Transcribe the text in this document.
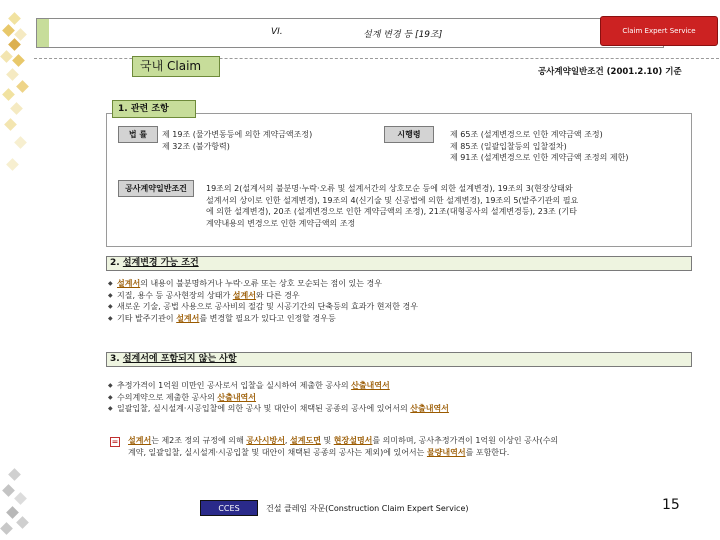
VI.	설계 변경 등 [19조]	Claim Expert Service
국내 Claim	공사계약일반조건 (2001.2.10) 기준
1. 관련 조항
법 률	제 19조 (물가변동등에 의한 계약금액조정)
제 32조 (불가항력)
시행령	제 65조 (설계변경으로 인한 계약금액 조정)
제 85조 (일괄입찰등의 입찰절차)
제 91조 (설계변경으로 인한 계약금액 조정의 제한)
공사계약일반조건	19조의 2(설계서의 불분명·누락·오류 및 설계서간의 상호모순 등에 의한 설계변경), 19조의 3(현장상태와
설계서의 상이로 인한 설계변경), 19조의 4(신기술 및 신공법에 의한 설계변경), 19조의 5(발주기관의 필요
에 의한 설계변경), 20조 (설계변경으로 인한 계약금액의 조정), 21조(대형공사의 설계변경등), 23조 (기타
계약내용의 변경으로 인한 계약금액의 조정
2. 설계변경 가능 조건
◆ 설계서의 내용이 불분명하거나 누락·오류 또는 상호 모순되는 점이 있는 경우
◆ 지질, 용수 등 공사현장의 상태가 설계서와 다른 경우
◆ 새로운 기술, 공법 사용으로 공사비의 절감 및 시공기간의 단축등의 효과가 현저한 경우
◆ 기타 발주기관이 설계서를 변경할 필요가 있다고 인정할 경우등
3. 설계서에 포함되지 않는 사항
◆ 추정가격이 1억원 미만인 공사로서 입찰을 실시하여 제출한 공사의 산출내역서
◆ 수의계약으로 제출한 공사의 산출내역서
◆ 일괄입찰, 실시설계·시공입찰에 의한 공사 및 대안이 채택된 공종의 공사에 있어서의 산출내역서
= 설계서는 제2조 정의 규정에 의해 공사시방서, 설계도면 및 현장설명서를 의미하며, 공사추정가격이 1억원 이상인 공사(수의
계약, 일괄입찰, 실시설계·시공입찰 및 대안이 채택된 공종의 공사는 제외)에 있어서는 물량내역서를 포함한다.
CCES	건설 클레임 자문(Construction Claim Expert Service)	15
